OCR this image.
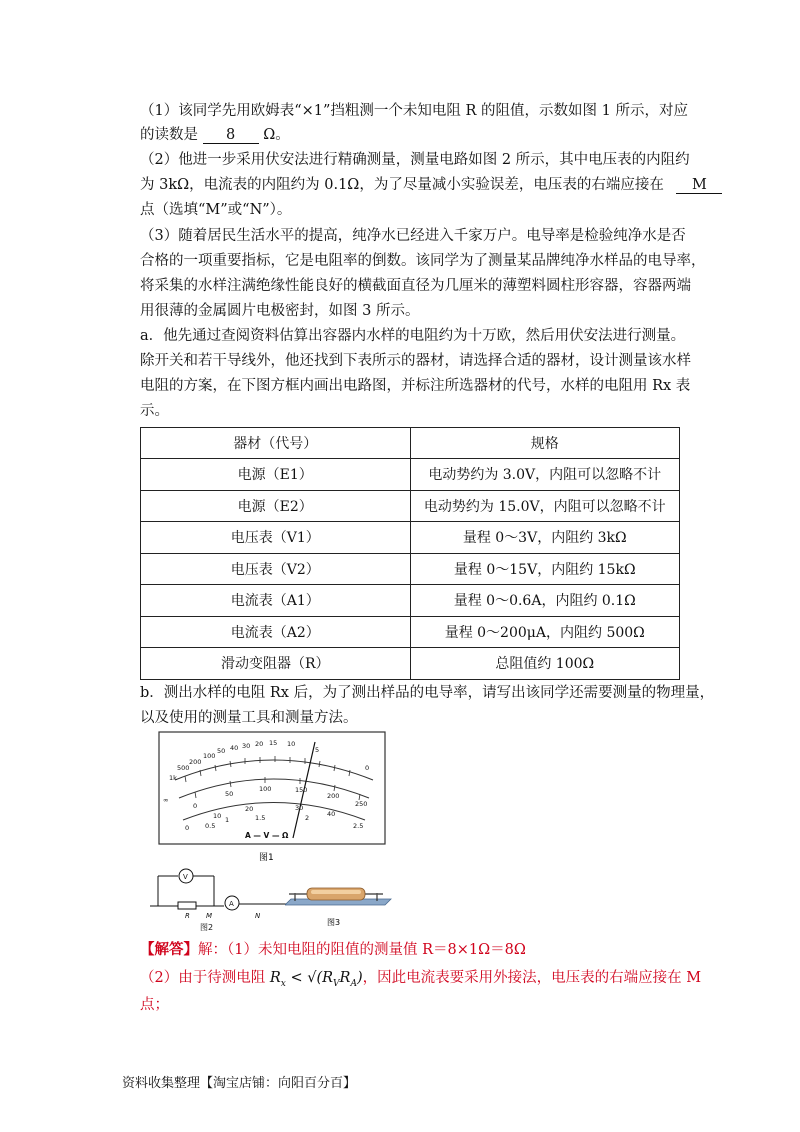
（1）该同学先用欧姆表“×1”挡粗测一个未知电阻 R 的阻值，示数如图 1 所示，对应
的读数是 8 Ω。
（2）他进一步采用伏安法进行精确测量，测量电路如图 2 所示，其中电压表的内阻约
为 3kΩ，电流表的内阻约为 0.1Ω，为了尽量减小实验误差，电压表的右端应接在 M
点（选填“M”或“N”）。
（3）随着居民生活水平的提高，纯净水已经进入千家万户。电导率是检验纯净水是否
合格的一项重要指标，它是电阻率的倒数。该同学为了测量某品牌纯净水样品的电导率，
将采集的水样注满绝缘性能良好的横截面直径为几厘米的薄塑料圆柱形容器，容器两端
用很薄的金属圆片电极密封，如图 3 所示。
a．他先通过查阅资料估算出容器内水样的电阻约为十万欧，然后用伏安法进行测量。
除开关和若干导线外，他还找到下表所示的器材，请选择合适的器材，设计测量该水样
电阻的方案，在下图方框内画出电路图，并标注所选器材的代号，水样的电阻用 Rx 表
示。
器材（代号）	规格
电源（E1）	电动势约为 3.0V，内阻可以忽略不计
电源（E2）	电动势约为 15.0V，内阻可以忽略不计
电压表（V1）	量程 0～3V，内阻约 3kΩ
电压表（V2）	量程 0～15V，内阻约 15kΩ
电流表（A1）	量程 0～0.6A，内阻约 0.1Ω
电流表（A2）	量程 0～200μA，内阻约 500Ω
滑动变阻器（R）	总阻值约 100Ω
b．测出水样的电阻 Rx 后，为了测出样品的电导率，请写出该同学还需要测量的物理量，
以及使用的测量工具和测量方法。
500
1k
200
100
50 40 30 20 15 10
5
0
∞
0
50
100	150
200
250
10
20	30
40
0 0.5
1	1.5	2
2.5
A — V — Ω
图1
V
A
R M	N
图2
图3
【解答】解：（1）未知电阻的阻值的测量值 R＝8×1Ω＝8Ω
（2）由于待测电阻 $R_x < √(R_VR_A)$，因此电流表要采用外接法，电压表的右端应接在 M
点；
资料收集整理【淘宝店铺：向阳百分百】
